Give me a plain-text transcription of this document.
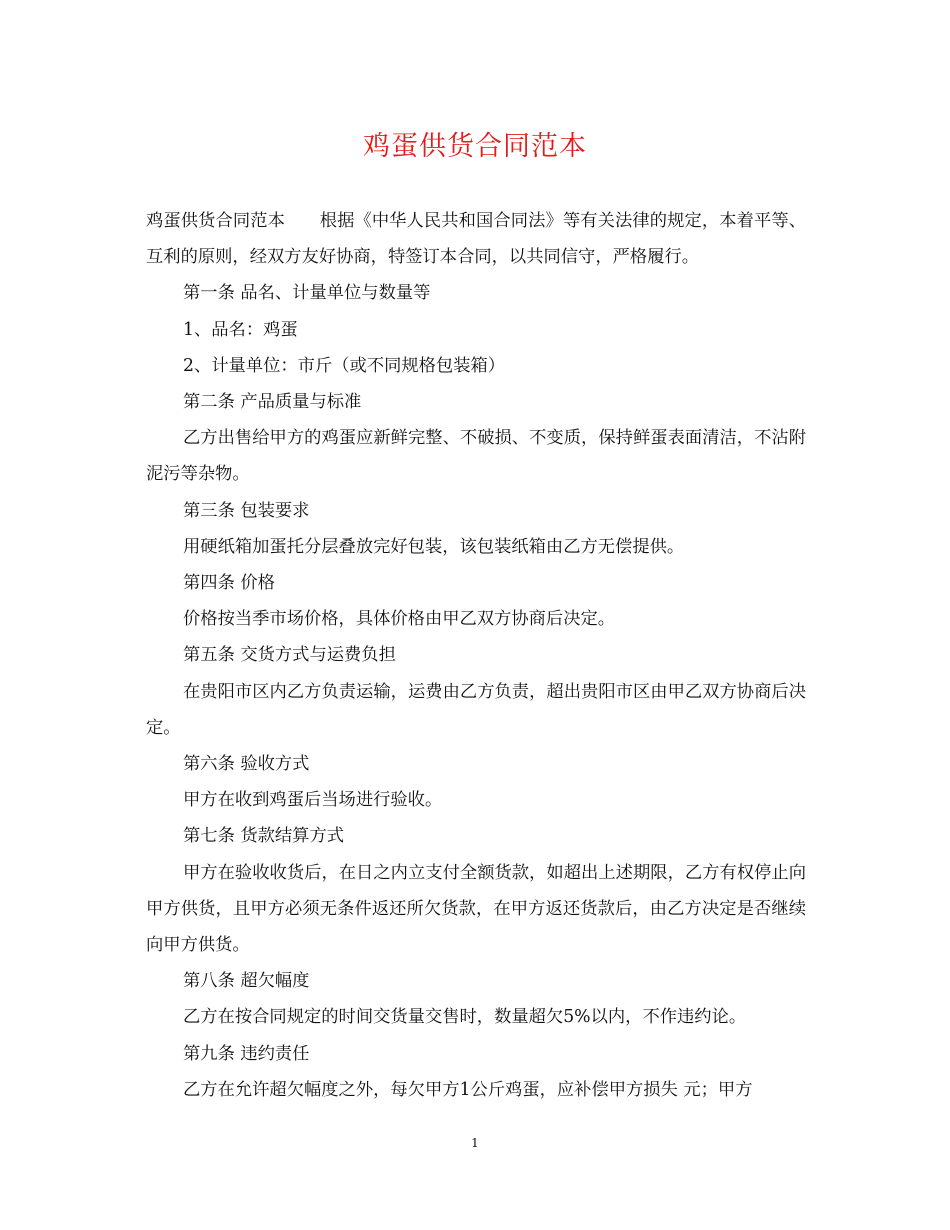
鸡蛋供货合同范本

鸡蛋供货合同范本　　根据《中华人民共和国合同法》等有关法律的规定，本着平等、互利的原则，经双方友好协商，特签订本合同，以共同信守，严格履行。

第一条 品名、计量单位与数量等

1、品名：鸡蛋

2、计量单位：市斤（或不同规格包装箱）

第二条 产品质量与标准

乙方出售给甲方的鸡蛋应新鲜完整、不破损、不变质，保持鲜蛋表面清洁，不沾附泥污等杂物。

第三条 包装要求

用硬纸箱加蛋托分层叠放完好包装，该包装纸箱由乙方无偿提供。

第四条 价格

价格按当季市场价格，具体价格由甲乙双方协商后决定。

第五条 交货方式与运费负担

在贵阳市区内乙方负责运输，运费由乙方负责，超出贵阳市区由甲乙双方协商后决定。

第六条 验收方式

甲方在收到鸡蛋后当场进行验收。

第七条 货款结算方式

甲方在验收收货后，在日之内立支付全额货款，如超出上述期限，乙方有权停止向甲方供货，且甲方必须无条件返还所欠货款，在甲方返还货款后，由乙方决定是否继续向甲方供货。

第八条 超欠幅度

乙方在按合同规定的时间交货量交售时，数量超欠5%以内，不作违约论。

第九条 违约责任

乙方在允许超欠幅度之外，每欠甲方1公斤鸡蛋，应补偿甲方损失 元；甲方

1
